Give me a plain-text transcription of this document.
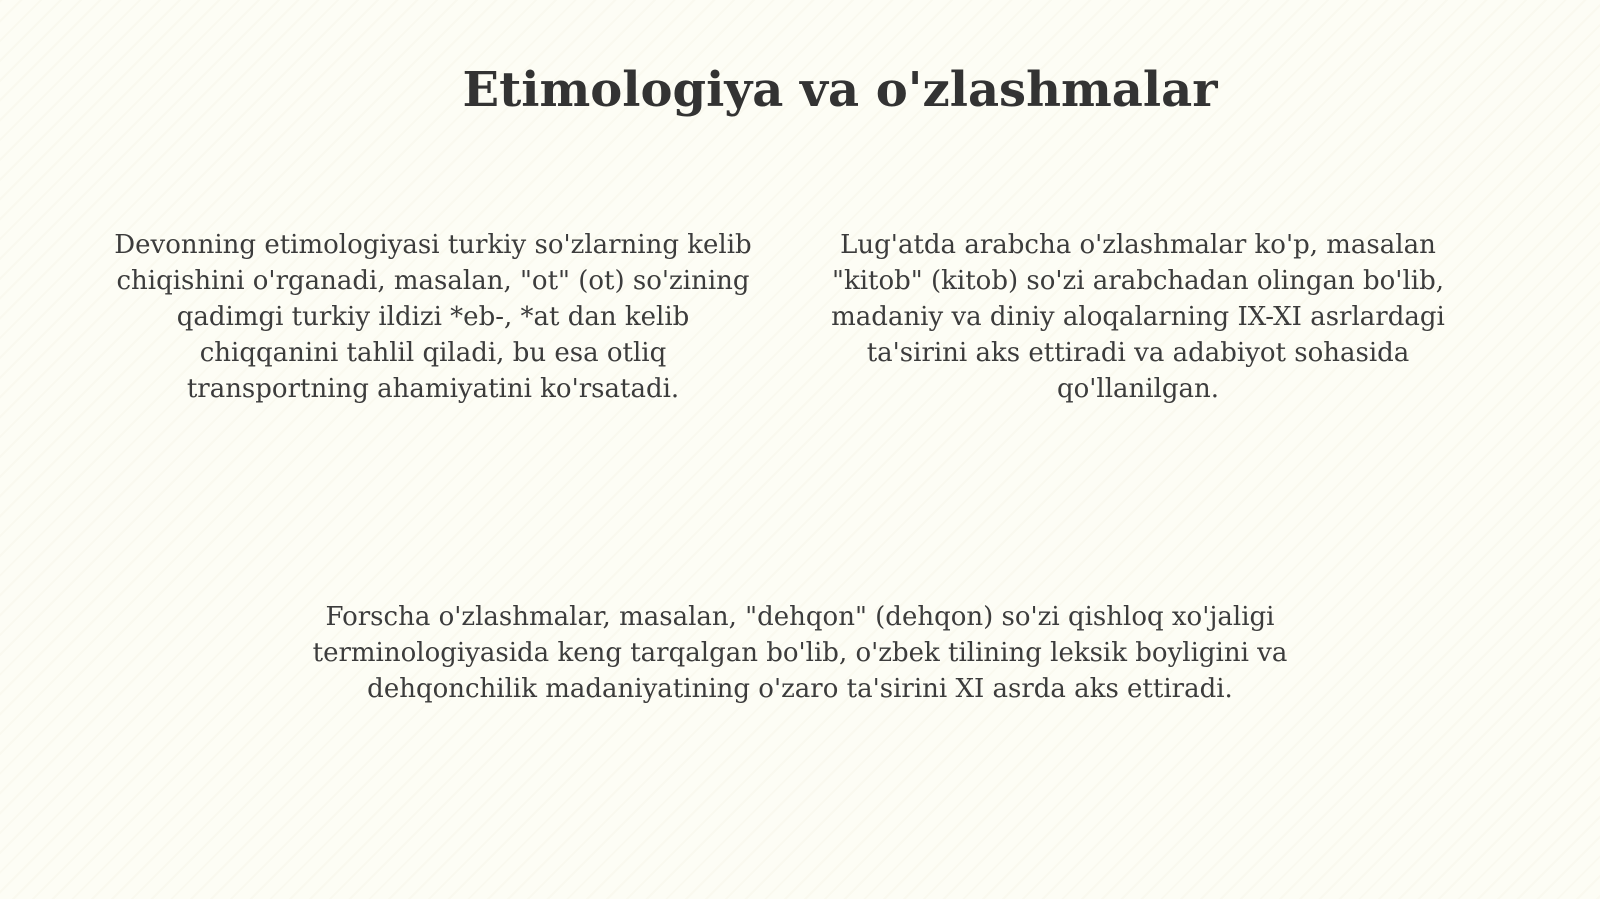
Etimologiya va o'zlashmalar

Devonning etimologiyasi turkiy so'zlarning kelib chiqishini o'rganadi, masalan, "ot" (ot) so'zining qadimgi turkiy ildizi *eb-, *at dan kelib chiqqanini tahlil qiladi, bu esa otliq transportning ahamiyatini ko'rsatadi.

Lug'atda arabcha o'zlashmalar ko'p, masalan "kitob" (kitob) so'zi arabchadan olingan bo'lib, madaniy va diniy aloqalarning IX-XI asrlardagi ta'sirini aks ettiradi va adabiyot sohasida qo'llanilgan.

Forscha o'zlashmalar, masalan, "dehqon" (dehqon) so'zi qishloq xo'jaligi terminologiyasida keng tarqalgan bo'lib, o'zbek tilining leksik boyligini va dehqonchilik madaniyatining o'zaro ta'sirini XI asrda aks ettiradi.
